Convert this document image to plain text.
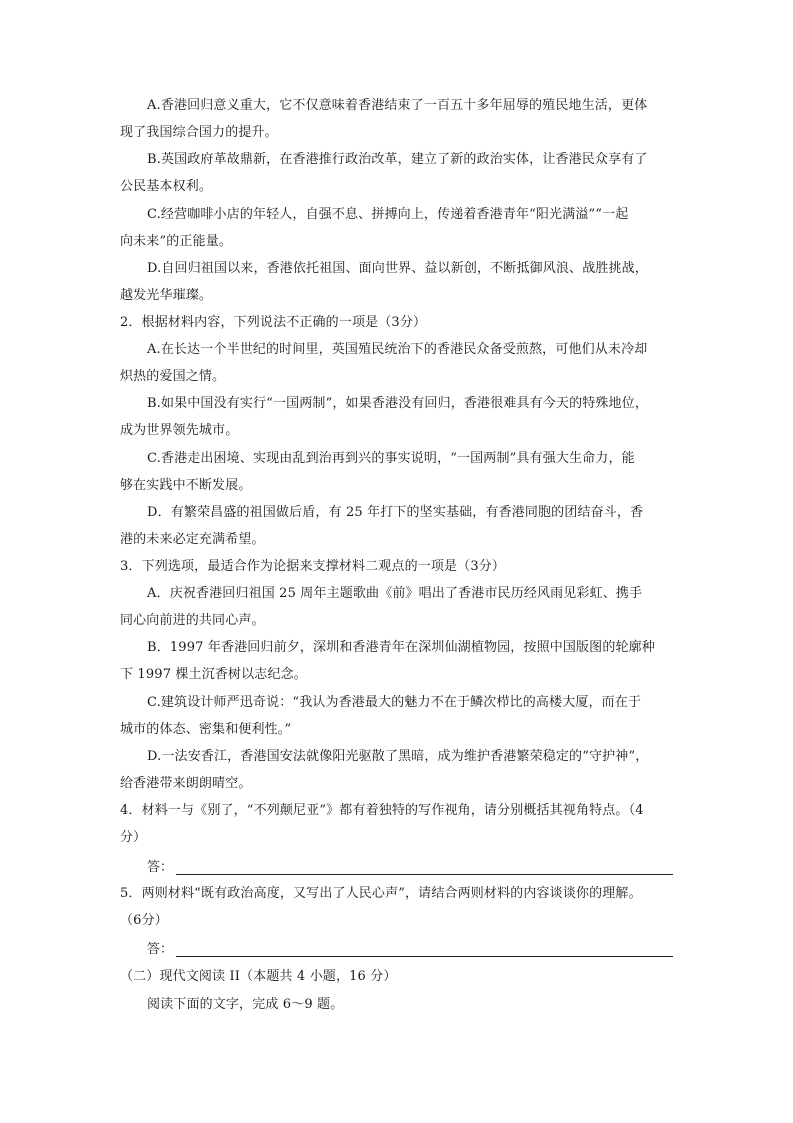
A.香港回归意义重大，它不仅意味着香港结束了一百五十多年屈辱的殖民地生活，更体
现了我国综合国力的提升。
B.英国政府革故鼎新，在香港推行政治改革，建立了新的政治实体，让香港民众享有了
公民基本权利。
C.经营咖啡小店的年轻人，自强不息、拼搏向上，传递着香港青年“阳光满溢”“一起
向未来”的正能量。
D.自回归祖国以来，香港依托祖国、面向世界、益以新创，不断抵御风浪、战胜挑战，
越发光华璀璨。
2．根据材料内容，下列说法不正确的一项是（3分）
A.在长达一个半世纪的时间里，英国殖民统治下的香港民众备受煎熬，可他们从未冷却
炽热的爱国之情。
B.如果中国没有实行“一国两制”，如果香港没有回归，香港很难具有今天的特殊地位，
成为世界领先城市。
C.香港走出困境、实现由乱到治再到兴的事实说明，“一国两制”具有强大生命力，能
够在实践中不断发展。
D．有繁荣昌盛的祖国做后盾，有 25 年打下的坚实基础，有香港同胞的团结奋斗，香
港的未来必定充满希望。
3．下列选项，最适合作为论据来支撑材料二观点的一项是（3分）
A．庆祝香港回归祖国 25 周年主题歌曲《前》唱出了香港市民历经风雨见彩虹、携手
同心向前进的共同心声。
B．1997 年香港回归前夕，深圳和香港青年在深圳仙湖植物园，按照中国版图的轮廓种
下 1997 棵土沉香树以志纪念。
C.建筑设计师严迅奇说：“我认为香港最大的魅力不在于鳞次栉比的高楼大厦，而在于
城市的体态、密集和便利性。”
D.一法安香江，香港国安法就像阳光驱散了黑暗，成为维护香港繁荣稳定的“守护神”，
给香港带来朗朗晴空。
4．材料一与《别了，“不列颠尼亚”》都有着独特的写作视角，请分别概括其视角特点。（4
分）
答：
5．两则材料“既有政治高度，又写出了人民心声”，请结合两则材料的内容谈谈你的理解。
（6分）
答：
（二）现代文阅读 II（本题共 4 小题，16 分）
阅读下面的文字，完成 6～9 题。
